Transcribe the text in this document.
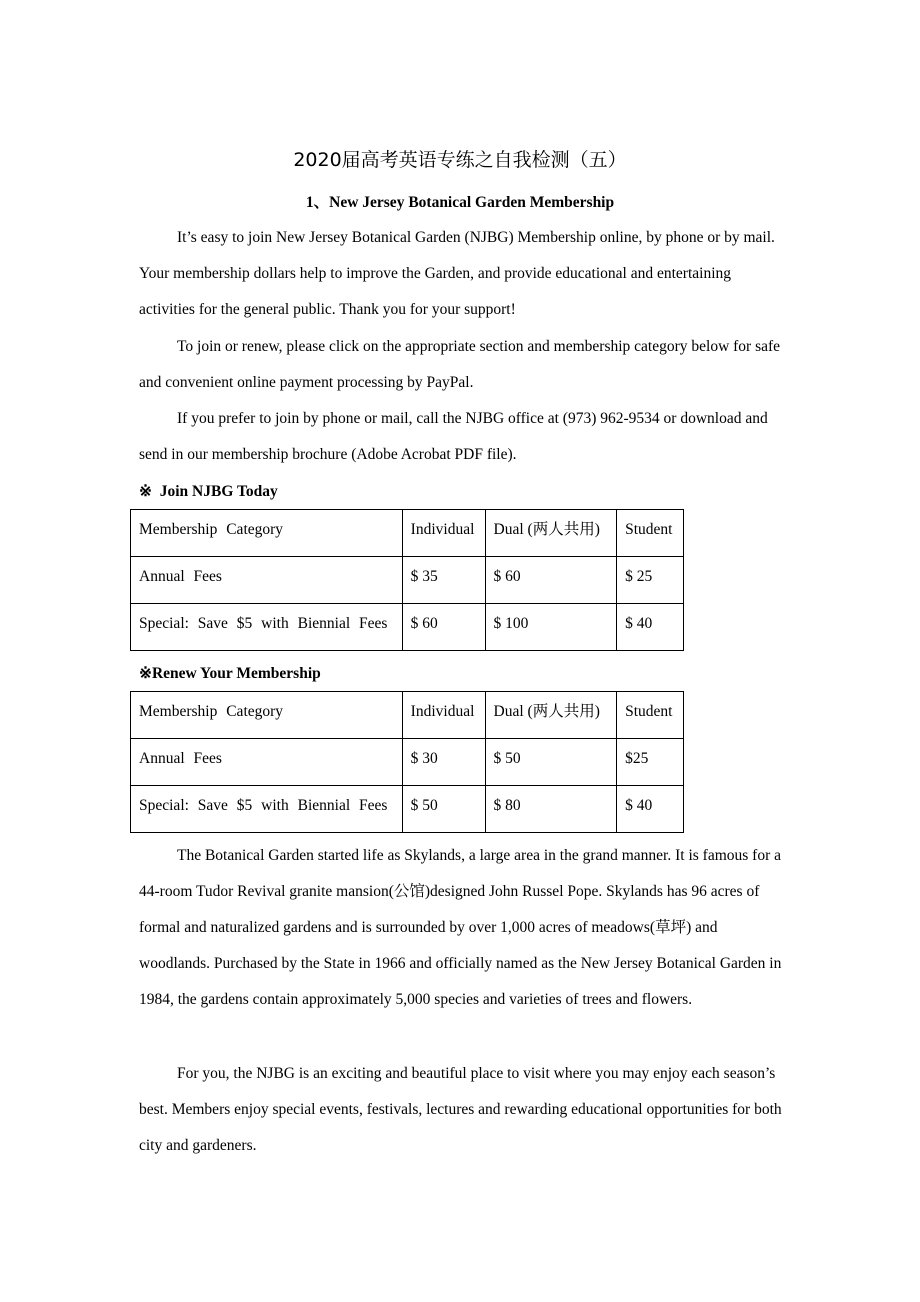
2020届高考英语专练之自我检测（五）
1、New Jersey Botanical Garden Membership

It’s easy to join New Jersey Botanical Garden (NJBG) Membership online, by phone or by mail. Your membership dollars help to improve the Garden, and provide educational and entertaining activities for the general public. Thank you for your support!

To join or renew, please click on the appropriate section and membership category below for safe and convenient online payment processing by PayPal.

If you prefer to join by phone or mail, call the NJBG office at (973) 962-9534 or download and send in our membership brochure (Adobe Acrobat PDF file).

※  Join NJBG Today
Membership Category	Individual	Dual (两人共用)	Student
Annual Fees	$ 35	$ 60	$ 25
Special: Save $5 with Biennial Fees	$ 60	$ 100	$ 40
※Renew Your Membership
Membership Category	Individual	Dual (两人共用)	Student
Annual Fees	$ 30	$ 50	$25
Special: Save $5 with Biennial Fees	$ 50	$ 80	$ 40

The Botanical Garden started life as Skylands, a large area in the grand manner. It is famous for a 44-room Tudor Revival granite mansion(公馆)designed John Russel Pope. Skylands has 96 acres of formal and naturalized gardens and is surrounded by over 1,000 acres of meadows(草坪) and woodlands. Purchased by the State in 1966 and officially named as the New Jersey Botanical Garden in 1984, the gardens contain approximately 5,000 species and varieties of trees and flowers.

For you, the NJBG is an exciting and beautiful place to visit where you may enjoy each season’s best. Members enjoy special events, festivals, lectures and rewarding educational opportunities for both city and gardeners.
